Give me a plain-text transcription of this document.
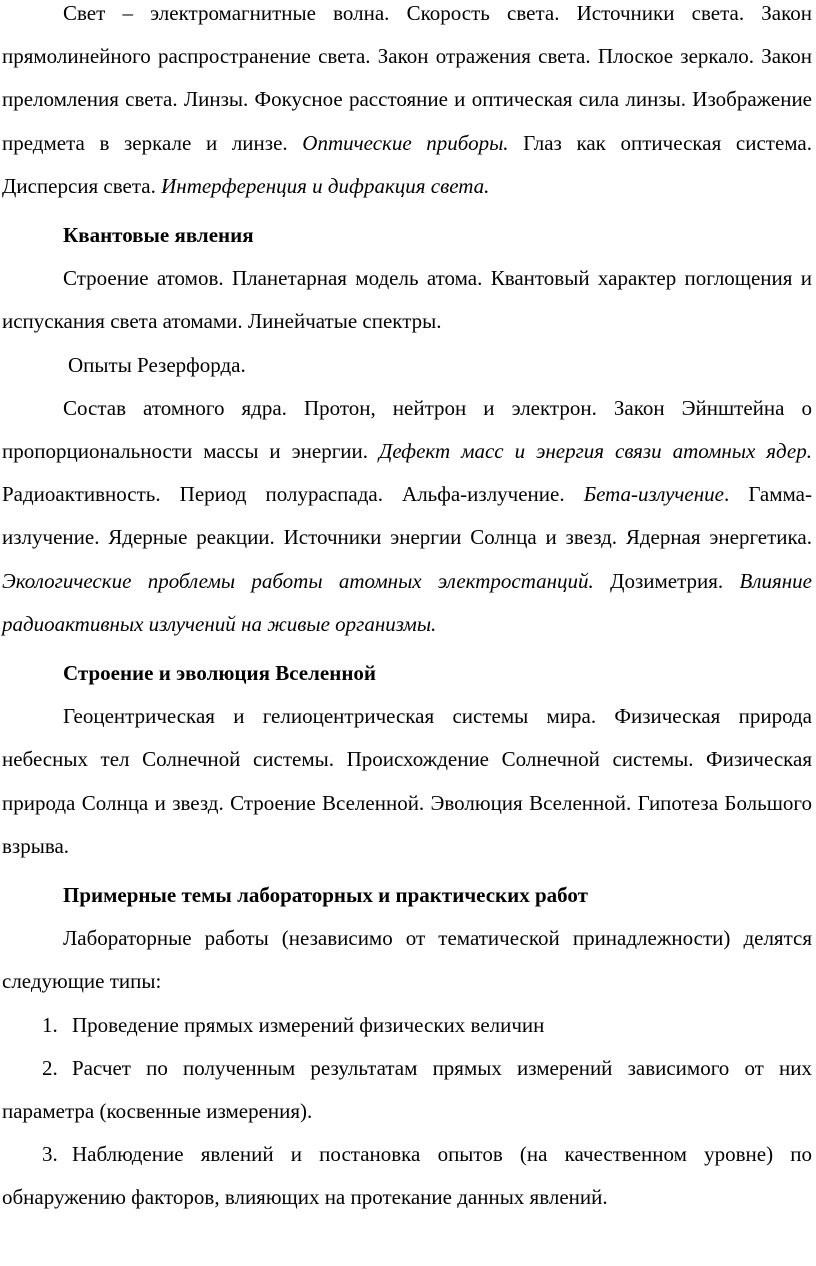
Свет – электромагнитные волна. Скорость света. Источники света. Закон прямолинейного распространение света. Закон отражения света. Плоское зеркало. Закон преломления света. Линзы. Фокусное расстояние и оптическая сила линзы. Изображение предмета в зеркале и линзе. Оптические приборы. Глаз как оптическая система. Дисперсия света. Интерференция и дифракция света.

Квантовые явления

Строение атомов. Планетарная модель атома. Квантовый характер поглощения и испускания света атомами. Линейчатые спектры.

Опыты Резерфорда.

Состав атомного ядра. Протон, нейтрон и электрон. Закон Эйнштейна о пропорциональности массы и энергии. Дефект масс и энергия связи атомных ядер. Радиоактивность. Период полураспада. Альфа-излучение. Бета-излучение. Гамма-излучение. Ядерные реакции. Источники энергии Солнца и звезд. Ядерная энергетика. Экологические проблемы работы атомных электростанций. Дозиметрия. Влияние радиоактивных излучений на живые организмы.

Строение и эволюция Вселенной

Геоцентрическая и гелиоцентрическая системы мира. Физическая природа небесных тел Солнечной системы. Происхождение Солнечной системы. Физическая природа Солнца и звезд. Строение Вселенной. Эволюция Вселенной. Гипотеза Большого взрыва.

Примерные темы лабораторных и практических работ

Лабораторные работы (независимо от тематической принадлежности) делятся следующие типы:

1. Проведение прямых измерений физических величин

2. Расчет по полученным результатам прямых измерений зависимого от них параметра (косвенные измерения).

3. Наблюдение явлений и постановка опытов (на качественном уровне) по обнаружению факторов, влияющих на протекание данных явлений.
